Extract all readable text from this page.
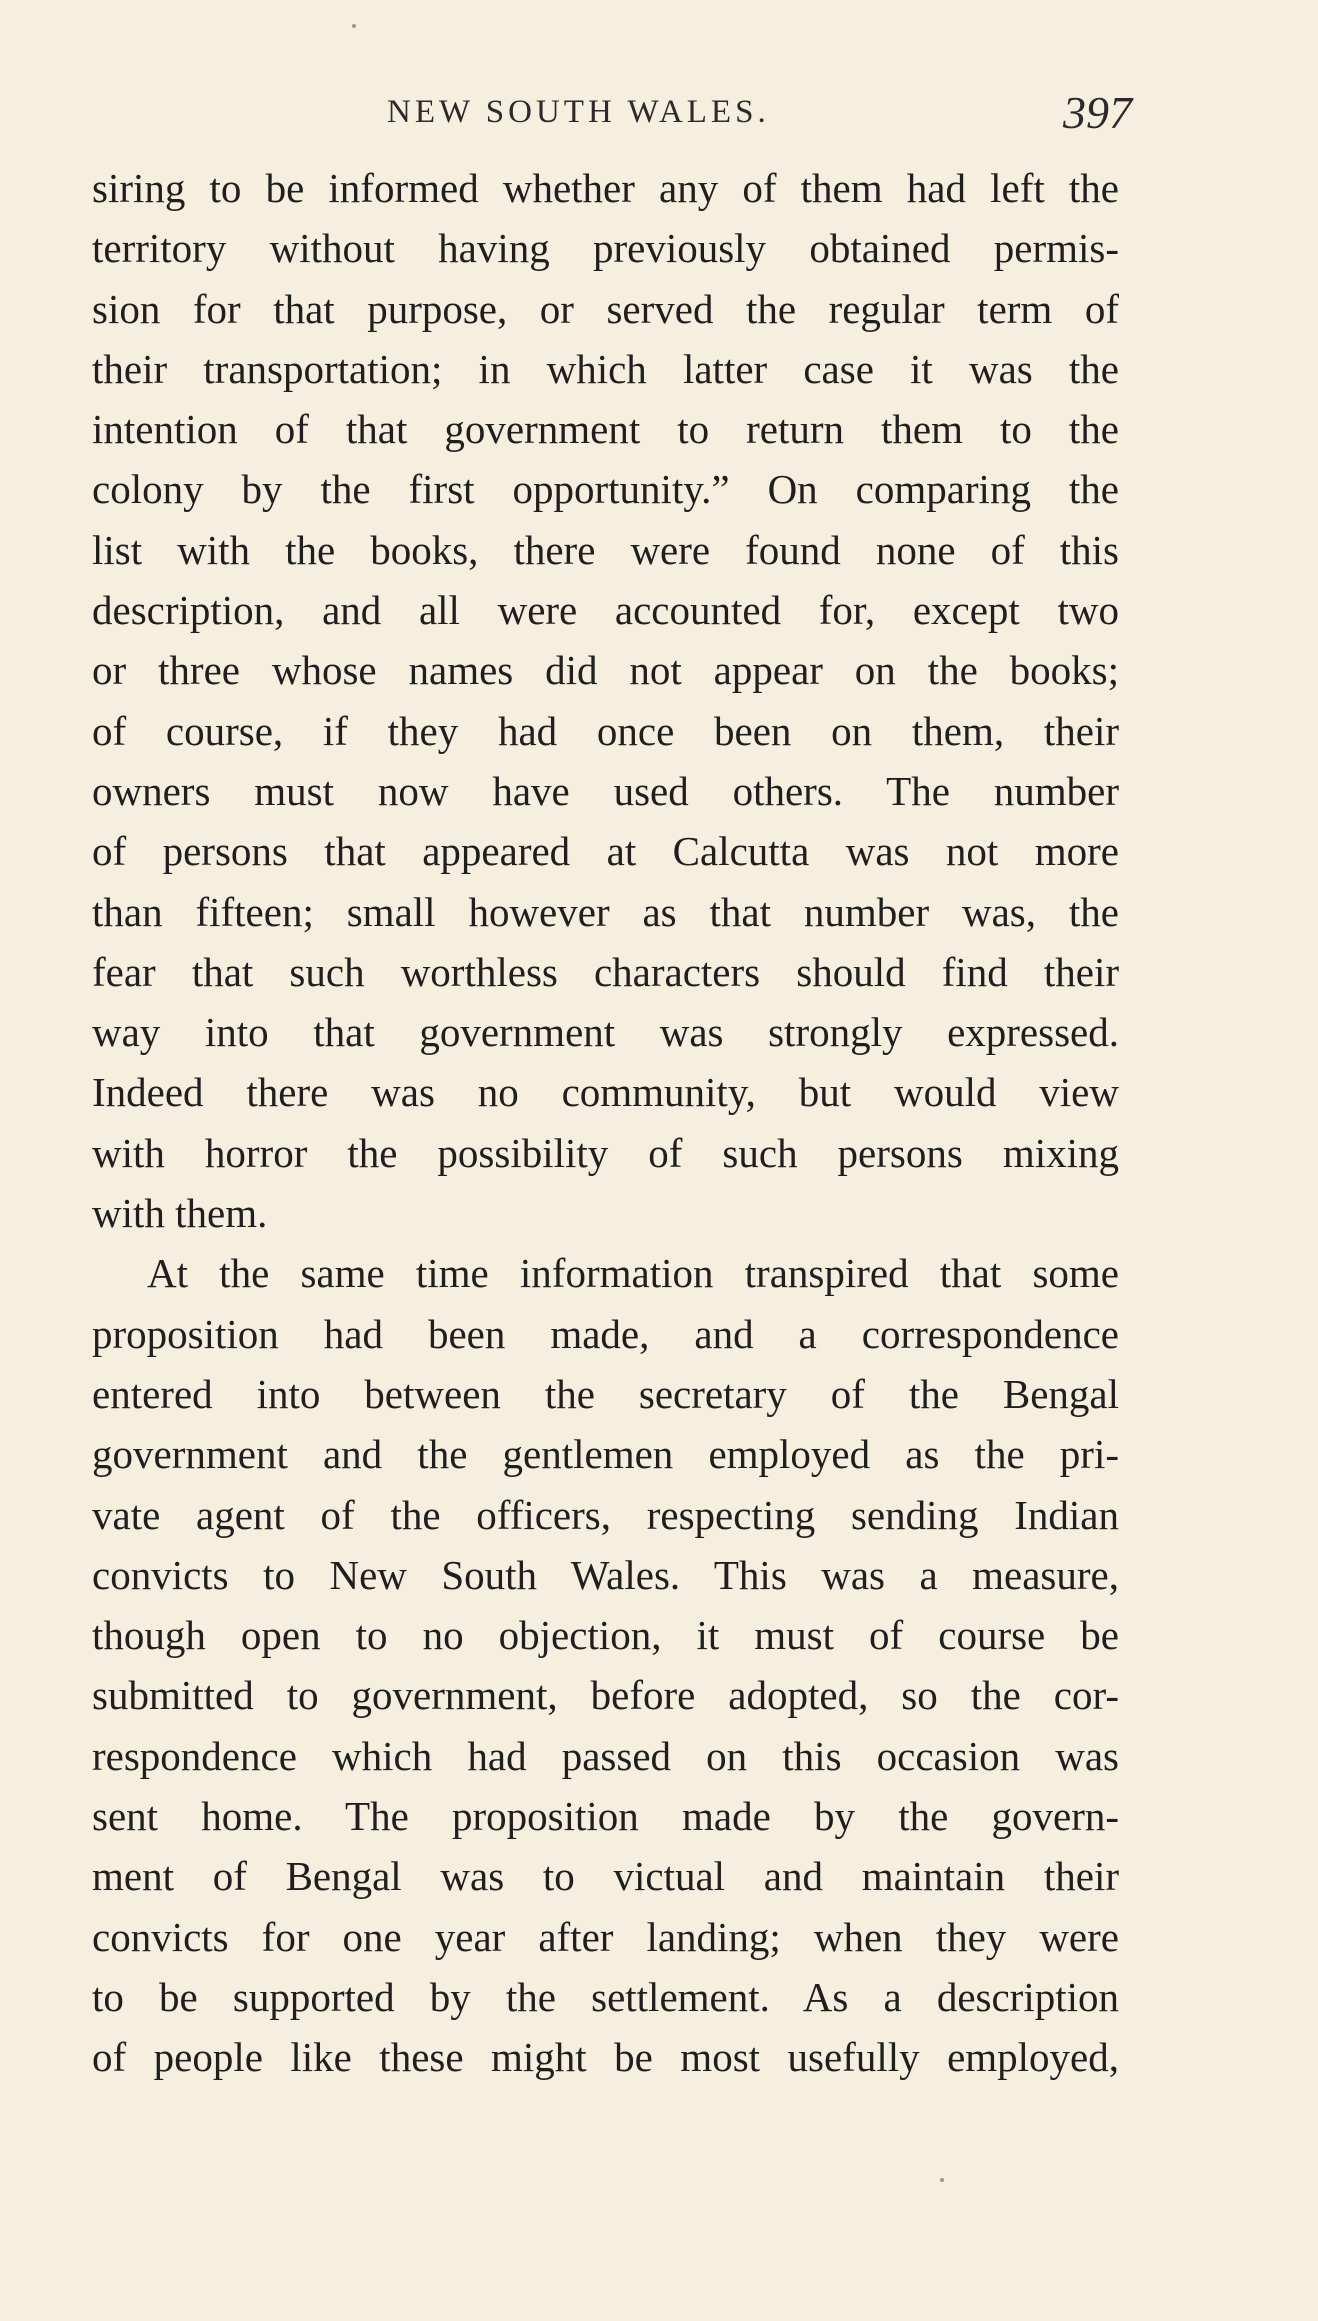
NEW SOUTH WALES.	397
siring to be informed whether any of them had left the
territory without having previously obtained permis-
sion for that purpose, or served the regular term of
their transportation; in which latter case it was the
intention of that government to return them to the
colony by the first opportunity.” On comparing the
list with the books, there were found none of this
description, and all were accounted for, except two
or three whose names did not appear on the books;
of course, if they had once been on them, their
owners must now have used others. The number
of persons that appeared at Calcutta was not more
than fifteen; small however as that number was, the
fear that such worthless characters should find their
way into that government was strongly expressed.
Indeed there was no community, but would view
with horror the possibility of such persons mixing
with them.
At the same time information transpired that some
proposition had been made, and a correspondence
entered into between the secretary of the Bengal
government and the gentlemen employed as the pri-
vate agent of the officers, respecting sending Indian
convicts to New South Wales. This was a measure,
though open to no objection, it must of course be
submitted to government, before adopted, so the cor-
respondence which had passed on this occasion was
sent home. The proposition made by the govern-
ment of Bengal was to victual and maintain their
convicts for one year after landing; when they were
to be supported by the settlement. As a description
of people like these might be most usefully employed,
